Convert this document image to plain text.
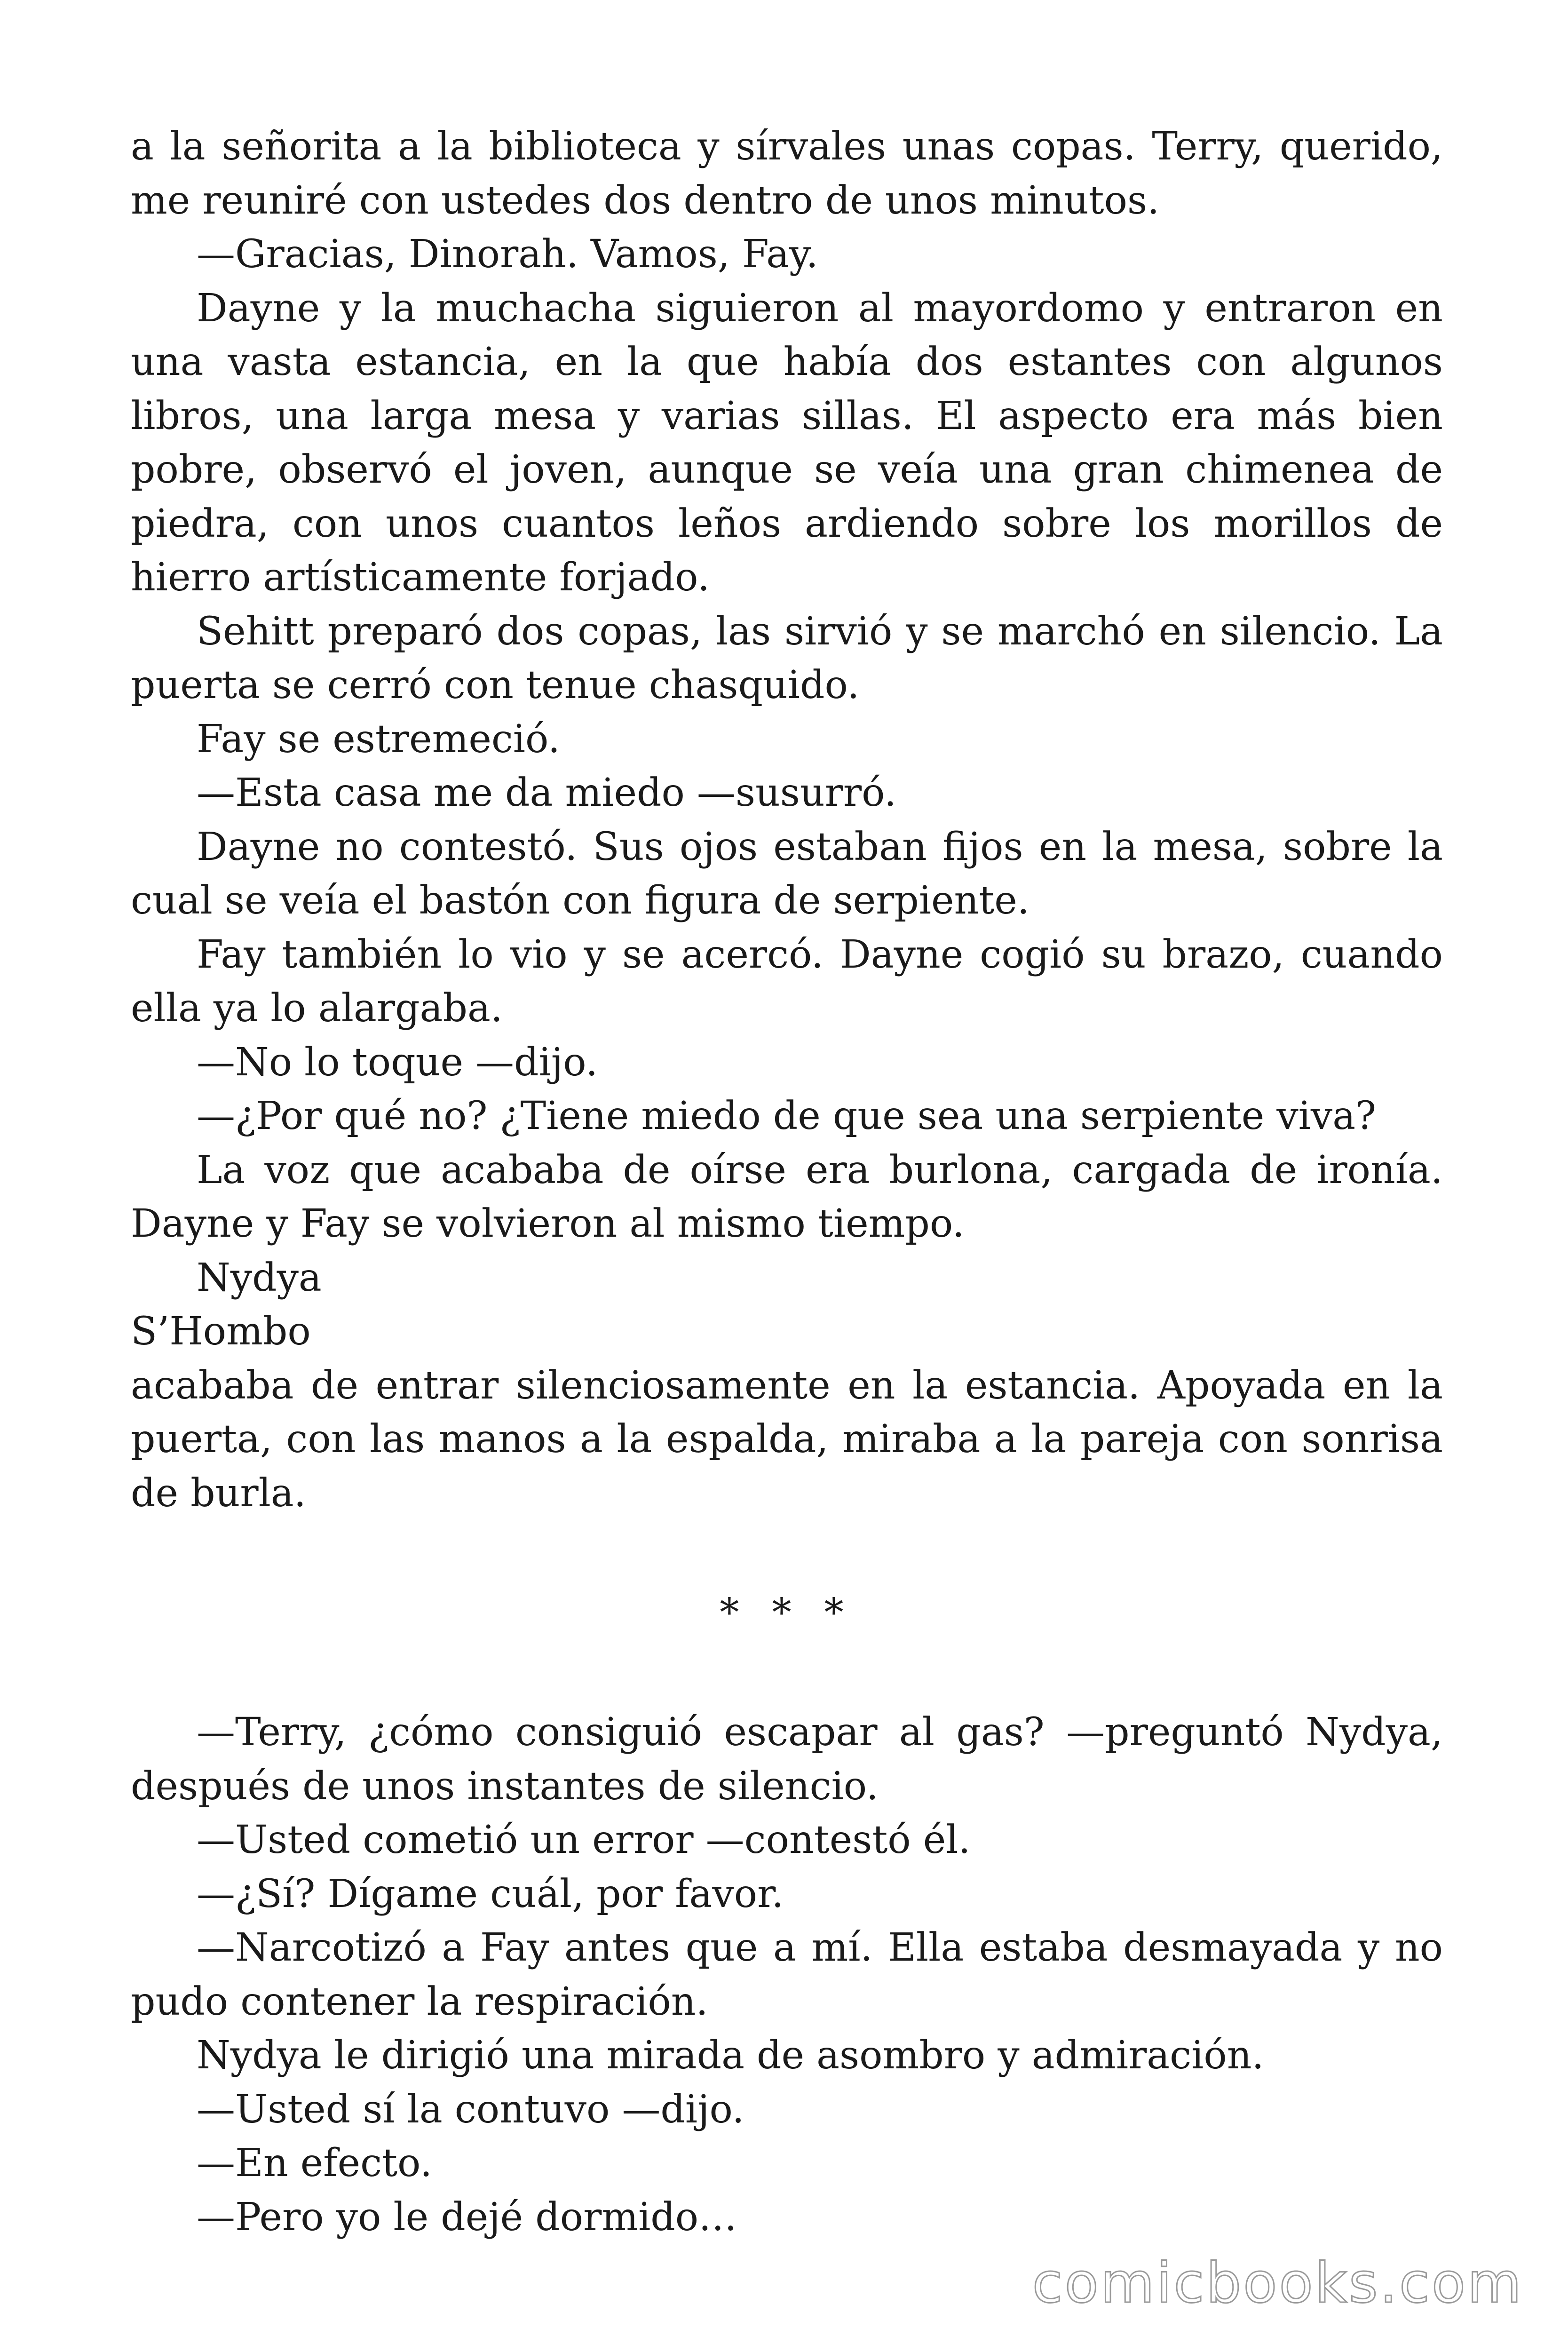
a la señorita a la biblioteca y sírvales unas copas. Terry, querido, me reuniré con ustedes dos dentro de unos minutos.

—Gracias, Dinorah. Vamos, Fay.

Dayne y la muchacha siguieron al mayordomo y entraron en una vasta estancia, en la que había dos estantes con algunos libros, una larga mesa y varias sillas. El aspecto era más bien pobre, observó el joven, aunque se veía una gran chimenea de piedra, con unos cuantos leños ardiendo sobre los morillos de hierro artísticamente forjado.

Sehitt preparó dos copas, las sirvió y se marchó en silencio. La puerta se cerró con tenue chasquido.

Fay se estremeció.

—Esta casa me da miedo —susurró.

Dayne no contestó. Sus ojos estaban fijos en la mesa, sobre la cual se veía el bastón con figura de serpiente.

Fay también lo vio y se acercó. Dayne cogió su brazo, cuando ella ya lo alargaba.

—No lo toque —dijo.

—¿Por qué no? ¿Tiene miedo de que sea una serpiente viva?

La voz que acababa de oírse era burlona, cargada de ironía. Dayne y Fay se volvieron al mismo tiempo.

Nydya

S’Hombo

acababa de entrar silenciosamente en la estancia. Apoyada en la puerta, con las manos a la espalda, miraba a la pareja con sonrisa de burla.

* * *

—Terry, ¿cómo consiguió escapar al gas? —preguntó Nydya, después de unos instantes de silencio.

—Usted cometió un error —contestó él.

—¿Sí? Dígame cuál, por favor.

—Narcotizó a Fay antes que a mí. Ella estaba desmayada y no pudo contener la respiración.

Nydya le dirigió una mirada de asombro y admiración.

—Usted sí la contuvo —dijo.

—En efecto.

—Pero yo le dejé dormido…

comicbooks.com
